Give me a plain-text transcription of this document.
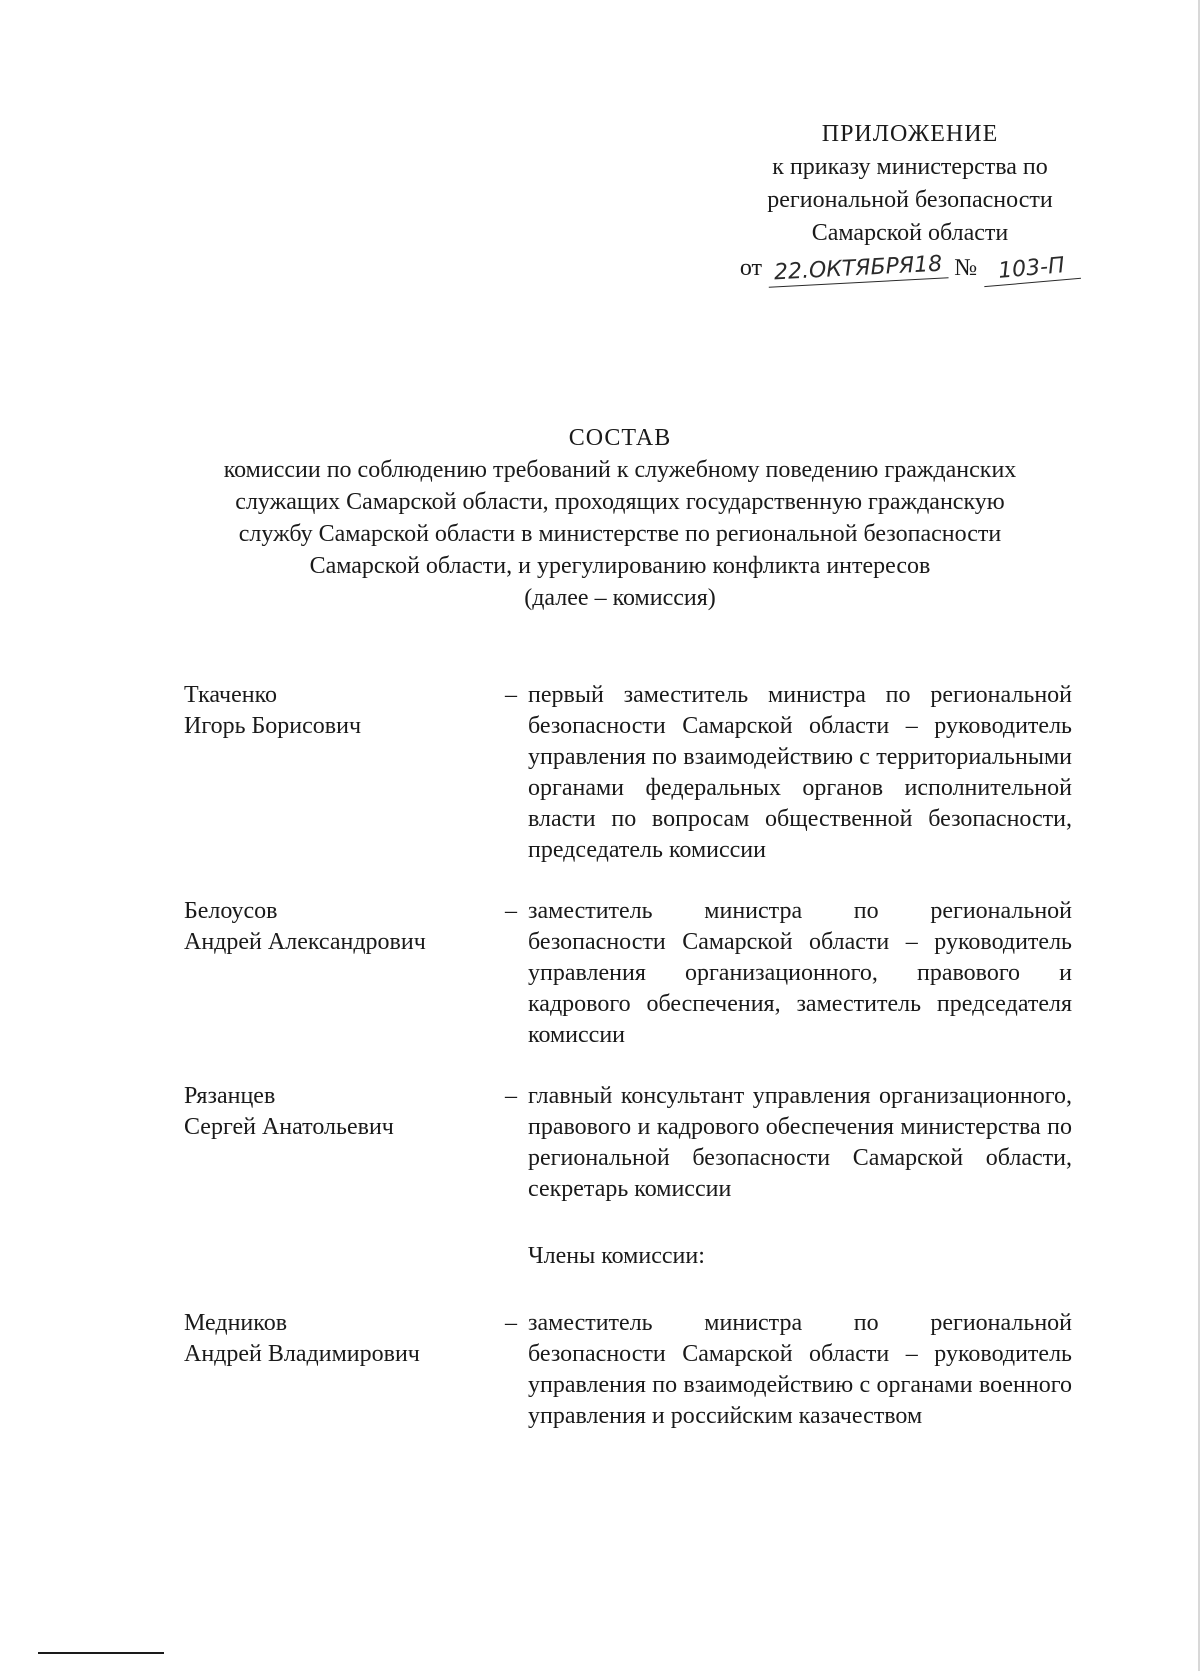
ПРИЛОЖЕНИЕ
к приказу министерства по
региональной безопасности
Самарской области
от 22.ОКТЯБРЯ18 № 103-П
СОСТАВ
комиссии по соблюдению требований к служебному поведению гражданских
служащих Самарской области, проходящих государственную гражданскую
службу Самарской области в министерстве по региональной безопасности
Самарской области, и урегулированию конфликта интересов
(далее – комиссия)
Ткаченко
Игорь Борисович
– первый заместитель министра по региональной безопасности Самарской области – руководитель управления по взаимодействию с территориальными органами федеральных органов исполнительной власти по вопросам общественной безопасности, председатель комиссии
Белоусов
Андрей Александрович
– заместитель министра по региональной безопасности Самарской области – руководитель управления организационного, правового и кадрового обеспечения, заместитель председателя комиссии
Рязанцев
Сергей Анатольевич
– главный консультант управления организационного, правового и кадрового обеспечения министерства по региональной безопасности Самарской области, секретарь комиссии
Члены комиссии:
Медников
Андрей Владимирович
– заместитель министра по региональной безопасности Самарской области – руководитель управления по взаимодействию с органами военного управления и российским казачеством
